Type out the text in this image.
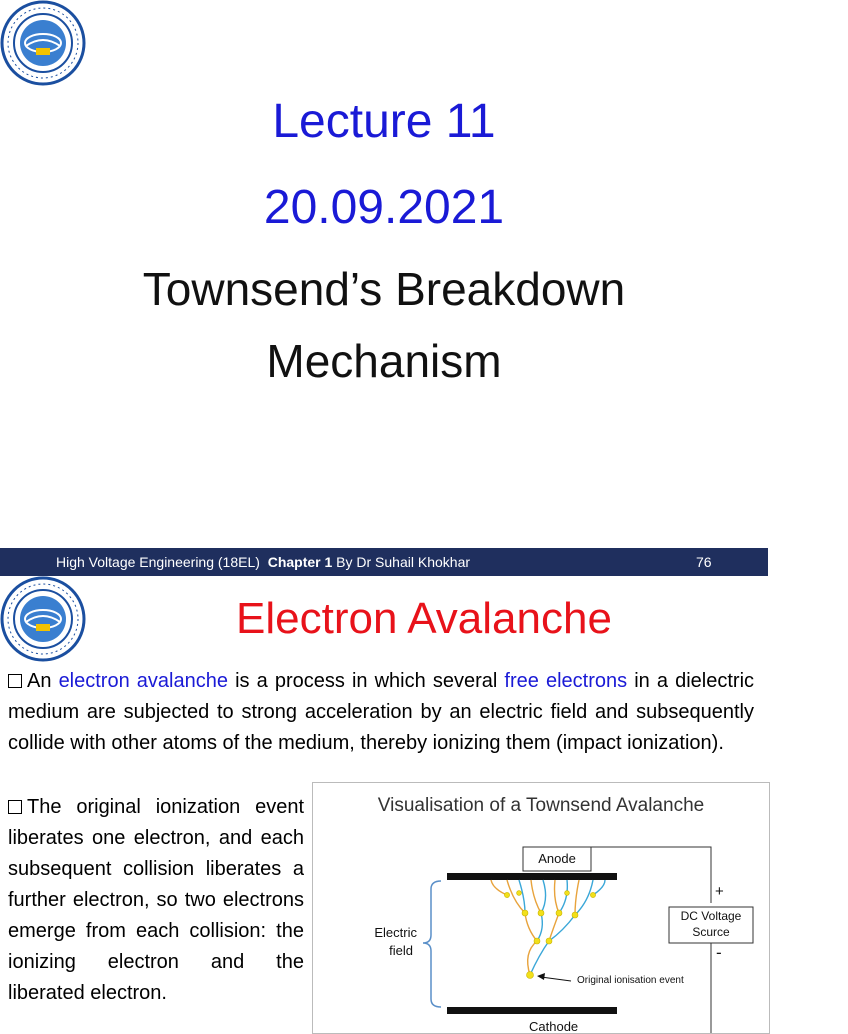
Lecture 11
20.09.2021
Townsend’s Breakdown
Mechanism
High Voltage Engineering (18EL) Chapter 1 By Dr Suhail Khokhar	76
Electron Avalanche
An electron avalanche is a process in which several free electrons in a dielectric medium are subjected to strong acceleration by an electric field and subsequently collide with other atoms of the medium, thereby ionizing them (impact ionization).
The original ionization event liberates one electron, and each subsequent collision liberates a further electron, so two electrons emerge from each collision: the ionizing electron and the liberated electron.
Visualisation of a Townsend Avalanche
Anode
Cathode
Electric
field
DC Voltage
Scurce
+
-
Original ionisation event
